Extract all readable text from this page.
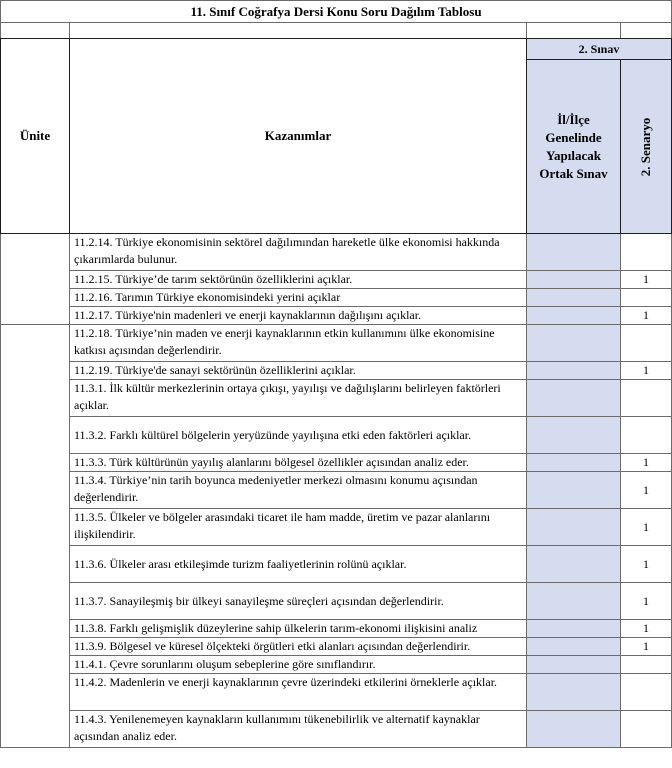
11. Sınıf Coğrafya Dersi Konu Soru Dağılım Tablosu			

Ünite	Kazanımlar	2. Sınav	
		İl/İlçe Genelinde Yapılacak Ortak Sınav	2. Senaryo

	11.2.14. Türkiye ekonomisinin sektörel dağılımından hareketle ülke ekonomisi hakkında çıkarımlarda bulunur.		
	11.2.15. Türkiye’de tarım sektörünün özelliklerini açıklar.		1
	11.2.16. Tarımın Türkiye ekonomisindeki yerini açıklar		
	11.2.17. Türkiye'nin madenleri ve enerji kaynaklarının dağılışını açıklar.		1
	11.2.18. Türkiye’nin maden ve enerji kaynaklarının etkin kullanımını ülke ekonomisine katkısı açısından değerlendirir.		
	11.2.19. Türkiye'de sanayi sektörünün özelliklerini açıklar.		1
	11.3.1. İlk kültür merkezlerinin ortaya çıkışı, yayılışı ve dağılışlarını belirleyen faktörleri açıklar.		
	11.3.2. Farklı kültürel bölgelerin yeryüzünde yayılışına etki eden faktörleri açıklar.		
	11.3.3. Türk kültürünün yayılış alanlarını bölgesel özellikler açısından analiz eder.		1
	11.3.4. Türkiye’nin tarih boyunca medeniyetler merkezi olmasını konumu açısından değerlendirir.		1
	11.3.5. Ülkeler ve bölgeler arasındaki ticaret ile ham madde, üretim ve pazar alanlarını ilişkilendirir.		1
	11.3.6. Ülkeler arası etkileşimde turizm faaliyetlerinin rolünü açıklar.		1
	11.3.7. Sanayileşmiş bir ülkeyi sanayileşme süreçleri açısından değerlendirir.		1
	11.3.8. Farklı gelişmişlik düzeylerine sahip ülkelerin tarım-ekonomi ilişkisini analiz		1
	11.3.9. Bölgesel ve küresel ölçekteki örgütleri etki alanları açısından değerlendirir.		1
	11.4.1. Çevre sorunlarını oluşum sebeplerine göre sınıflandırır.		
	11.4.2. Madenlerin ve enerji kaynaklarının çevre üzerindeki etkilerini örneklerle açıklar.		
	11.4.3. Yenilenemeyen kaynakların kullanımını tükenebilirlik ve alternatif kaynaklar açısından analiz eder.		
